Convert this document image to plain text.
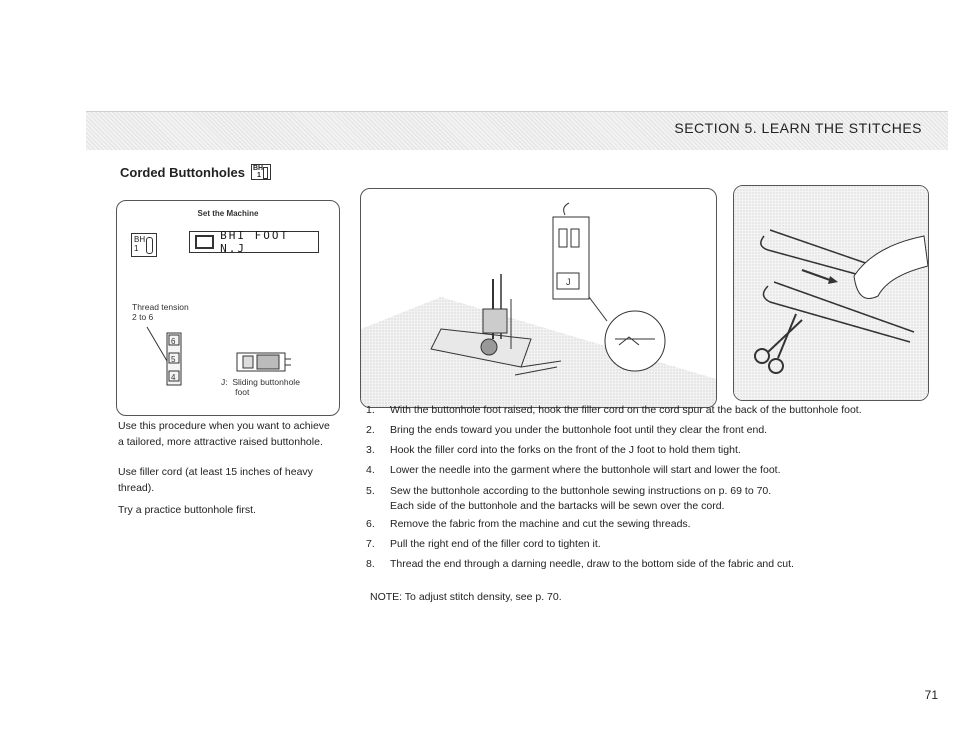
SECTION 5. LEARN THE STITCHES
Corded Buttonholes BH
1
Set the Machine
BH
1
BHI FOOT N.J
Thread tension
2 to 6
6
5
4	J:  Sliding buttonhole
foot
J
Use this procedure when you want to achieve a tailored, more attractive raised buttonhole.
Use filler cord (at least 15 inches of heavy thread).
Try a practice buttonhole first.
1. With the buttonhole foot raised, hook the filler cord on the cord spur at the back of the buttonhole foot.
2. Bring the ends toward you under the buttonhole foot until they clear the front end.
3. Hook the filler cord into the forks on the front of the J foot to hold them tight.
4. Lower the needle into the garment where the buttonhole will start and lower the foot.
5. Sew the buttonhole according to the buttonhole sewing instructions on p. 69 to 70.
Each side of the buttonhole and the bartacks will be sewn over the cord.
6. Remove the fabric from the machine and cut the sewing threads.
7. Pull the right end of the filler cord to tighten it.
8. Thread the end through a darning needle, draw to the bottom side of the fabric and cut.
NOTE: To adjust stitch density, see p. 70.
71
